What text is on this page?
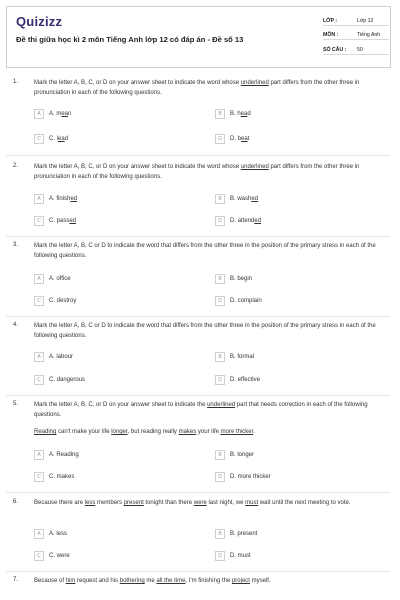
Quizizz
Đề thi giữa học kì 2 môn Tiếng Anh lớp 12 có đáp án - Đề số 13
LỚP :	Lớp 12
MÔN :	Tiếng Anh
SỐ CÂU : 50
1.	Mark the letter A, B, C, or D on your answer sheet to indicate the word whose underlined part differs from the other three in pronunciation in each of the following questions.
A	A. m ea n	B	B. h ea d
C	C. l ea d	D	D. b ea t
2.	Mark the letter A, B, C, or D on your answer sheet to indicate the word whose underlined part differs from the other three in pronunciation in each of the following questions.
A	A. finish ed	B	B. wash ed
C	C. pass ed	D	D. attend ed
3.	Mark the letter A, B, C or D to indicate the word that differs from the other three in the position of the primary stress in each of the following questions.
A	A. office	B	B. begin
C	C. destroy	D	D. complain
4.	Mark the letter A, B, C or D to indicate the word that differs from the other three in the position of the primary stress in each of the following questions.
A	A. labour	B	B. formal
C	C. dangerous	D	D. effective
5.	Mark the letter A, B, C, or D on your answer sheet to indicate the underlined part that needs correction in each of the following questions.
Reading can't make your life longer, but reading really makes your life more thicker.
A	A. Reading	B	B. longer
C	C. makes	D	D. more thicker
6.	Because there are less members present tonight than there were last night, we must wait until the next meeting to vote.
A	A. less	B	B. present
C	C. were	D	D. must
7.	Because of him request and his bothering me all the time, I'm finishing the project myself.
